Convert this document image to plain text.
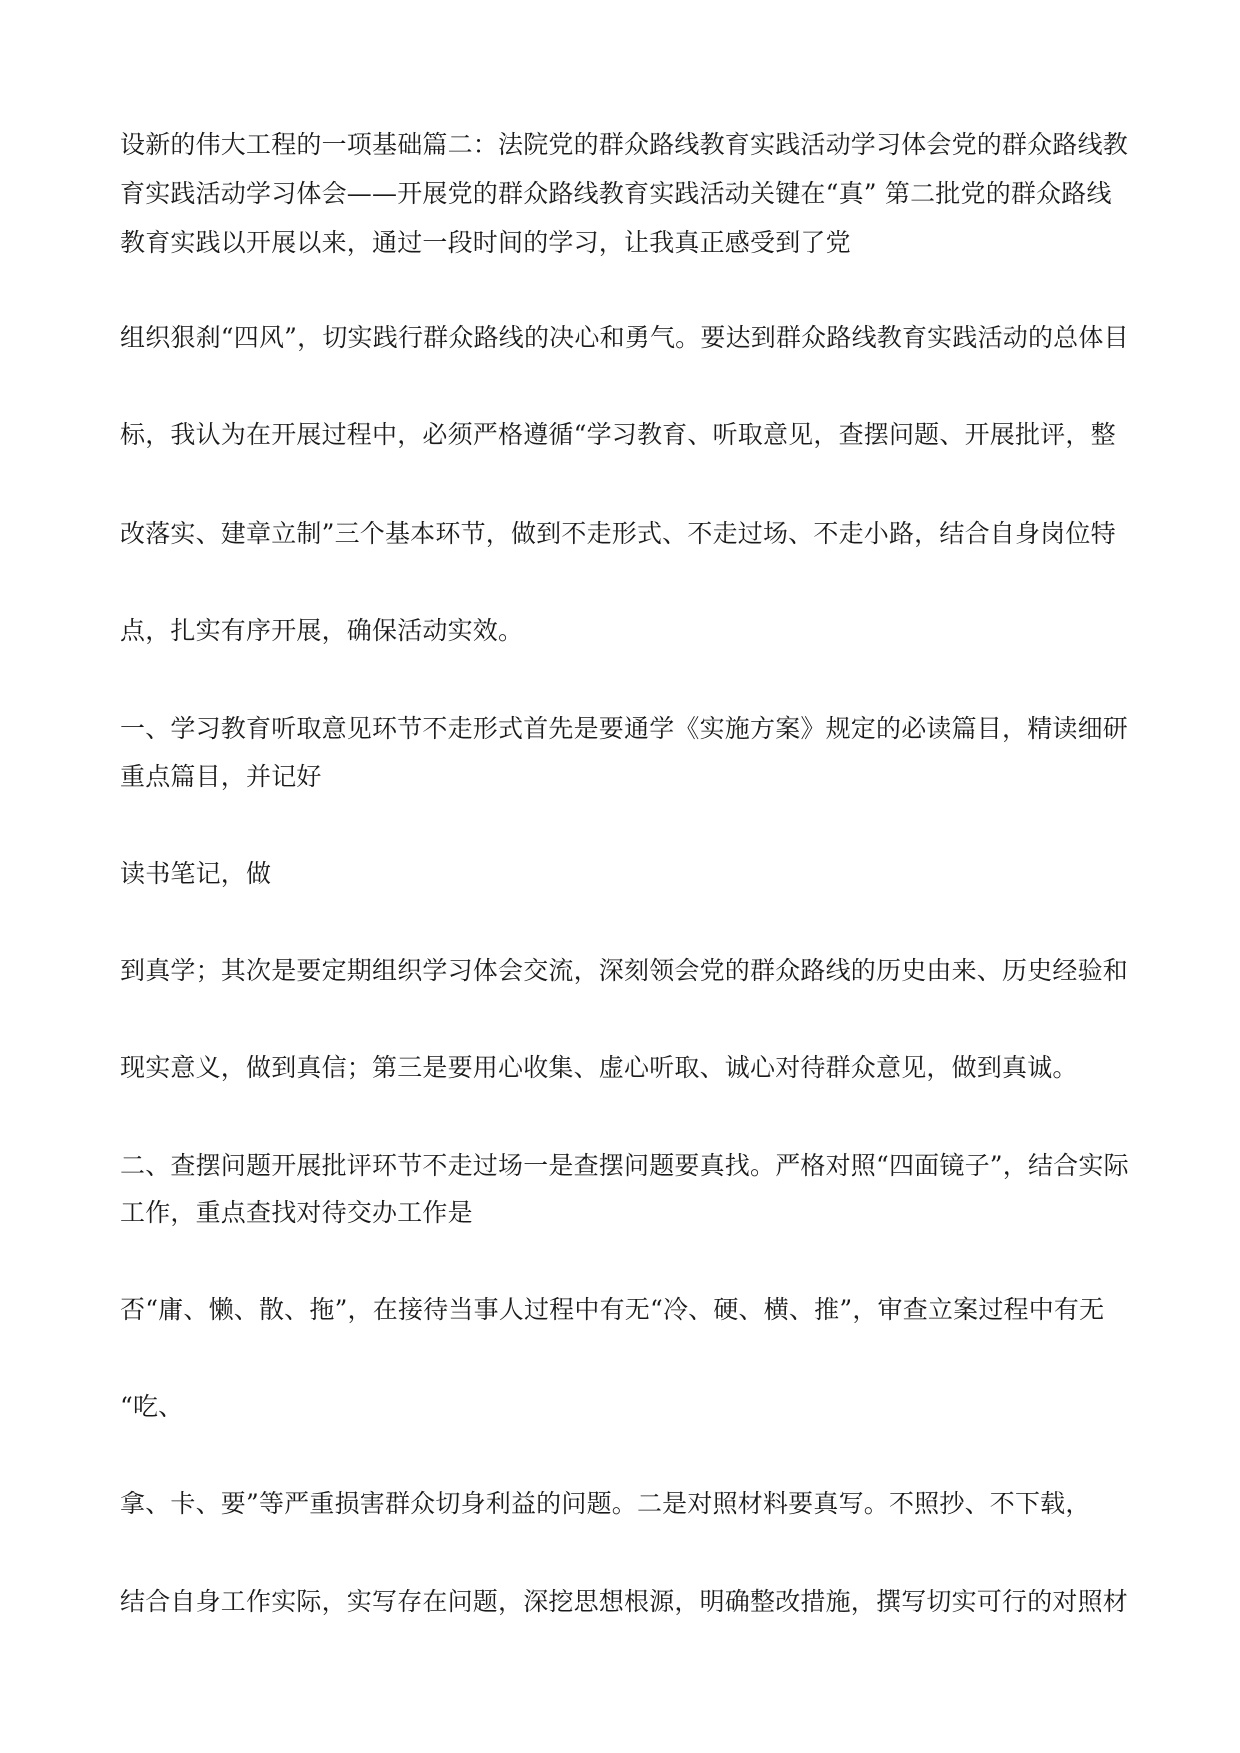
设新的伟大工程的一项基础篇二：法院党的群众路线教育实践活动学习体会党的群众路线教
育实践活动学习体会——开展党的群众路线教育实践活动关键在“真” 第二批党的群众路线
教育实践以开展以来，通过一段时间的学习，让我真正感受到了党
组织狠刹“四风”，切实践行群众路线的决心和勇气。要达到群众路线教育实践活动的总体目
标，我认为在开展过程中，必须严格遵循“学习教育、听取意见，查摆问题、开展批评，整
改落实、建章立制”三个基本环节，做到不走形式、不走过场、不走小路，结合自身岗位特
点，扎实有序开展，确保活动实效。
一、学习教育听取意见环节不走形式首先是要通学《实施方案》规定的必读篇目，精读细研
重点篇目，并记好
读书笔记，做
到真学；其次是要定期组织学习体会交流，深刻领会党的群众路线的历史由来、历史经验和
现实意义，做到真信；第三是要用心收集、虚心听取、诚心对待群众意见，做到真诚。
二、查摆问题开展批评环节不走过场一是查摆问题要真找。严格对照“四面镜子”，结合实际
工作，重点查找对待交办工作是
否“庸、懒、散、拖”，在接待当事人过程中有无“冷、硬、横、推”，审查立案过程中有无
“吃、
拿、卡、要”等严重损害群众切身利益的问题。二是对照材料要真写。不照抄、不下载，
结合自身工作实际，实写存在问题，深挖思想根源，明确整改措施，撰写切实可行的对照材
